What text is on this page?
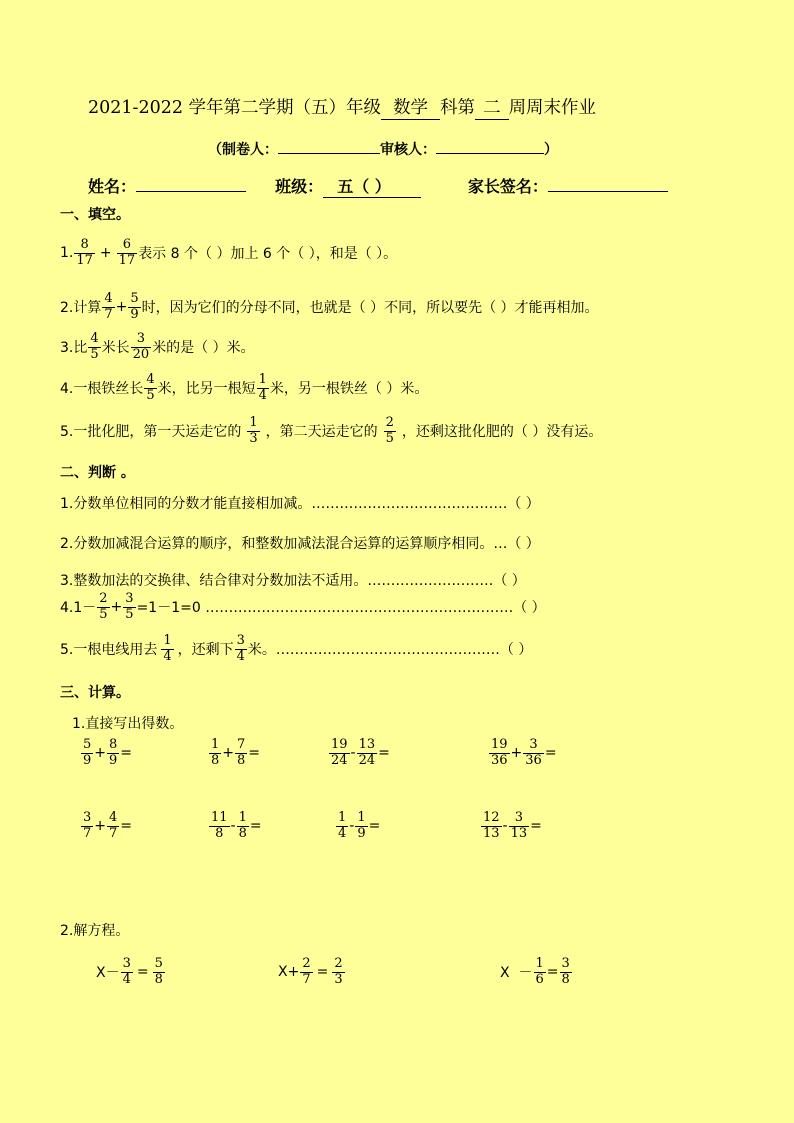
2021-2022 学年第二学期（五）年级 数学 科第 二 周周末作业
（制卷人：	审核人：	）
姓名：	班级： 五（ ）	家长签名：
一、填空。
1. $\frac{8}{17} + \frac{6}{17}$ 表示 8 个（ ）加上 6 个（ ），和是（ ）。
2.计算 $\frac{4}{7} + \frac{5}{9}$ 时，因为它们的分母不同，也就是（ ）不同，所以要先（ ）才能再相加。
3.比 $\frac{4}{5}$ 米长 $\frac{3}{20}$ 米的是（ ）米。
4.一根铁丝长 $\frac{4}{5}$ 米，比另一根短 $\frac{1}{4}$ 米，另一根铁丝（ ）米。
5.一批化肥，第一天运走它的 $\frac{1}{3}$ ，第二天运走它的 $\frac{2}{5}$ ，还剩这批化肥的（ ）没有运。
二、判断 。
1.分数单位相同的分数才能直接相加减。……………………………………（ ）
2.分数加减混合运算的顺序，和整数加减法混合运算的运算顺序相同。…（ ）
3.整数加法的交换律、结合律对分数加法不适用。………………………（ ）
$4.1- \frac{2}{5} + \frac{3}{5} =1-1=0$ …………………………………………………………（ ）
5.一根电线用去 $\frac{1}{4}$ ，还剩下 $\frac{3}{4}$ 米。…………………………………………（ ）
三、计算。
1.直接写出得数。
$\frac{5}{9} + \frac{8}{9}$ =	$\frac{1}{8} + \frac{7}{8}$ =	$\frac{19}{24} - \frac{13}{24}$ =	$\frac{19}{36} + \frac{3}{36}$ =
$\frac{3}{7} + \frac{4}{7}$ =	$\frac{11}{8} - \frac{1}{8}$ =	$\frac{1}{4} - \frac{1}{9}$ =	$\frac{12}{13} - \frac{3}{13}$ =
2.解方程。
$X- \frac{3}{4} = \frac{5}{8}$	$X+ \frac{2}{7} = \frac{2}{3}$	$X - \frac{1}{6} = \frac{3}{8}$
